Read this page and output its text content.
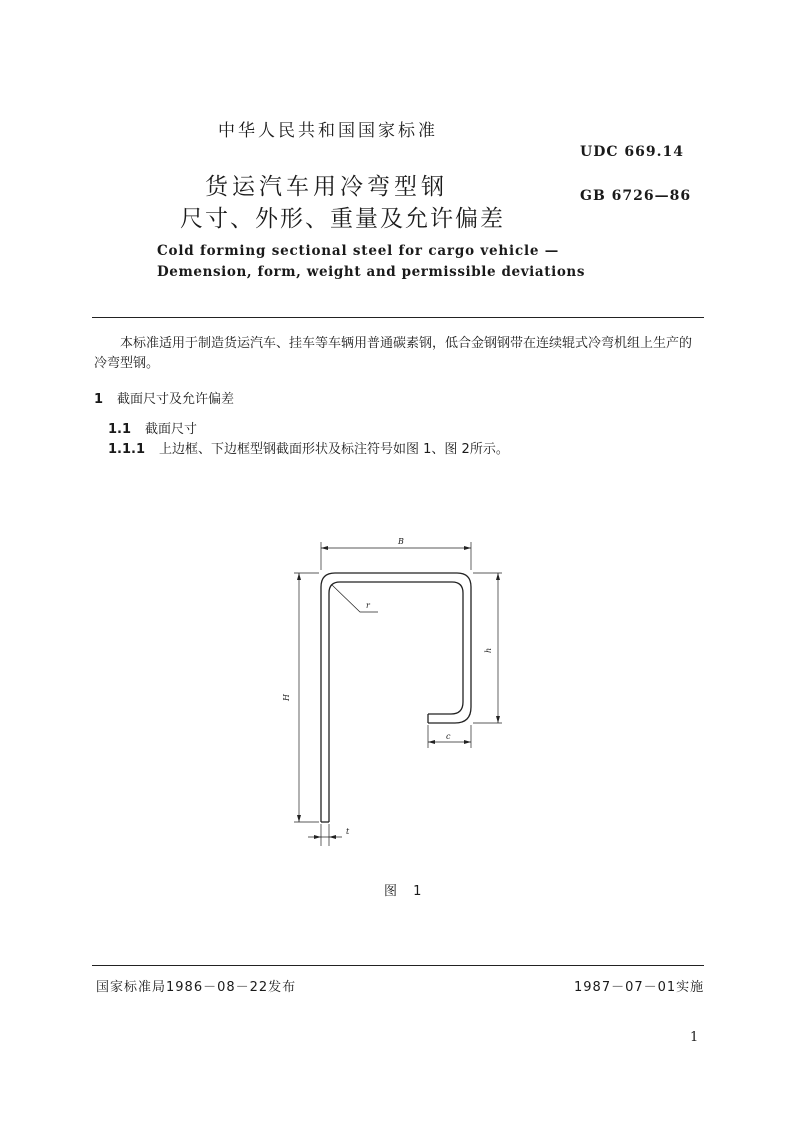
中华人民共和国国家标准
UDC 669.14
货运汽车用冷弯型钢	GB 6726—86
尺寸、外形、重量及允许偏差
Cold forming sectional steel for cargo vehicle —
Demension, form, weight and permissible deviations
本标准适用于制造货运汽车、挂车等车辆用普通碳素钢，低合金钢钢带在连续辊式冷弯机组上生产的冷弯型钢。
1 截面尺寸及允许偏差
1.1 截面尺寸
1.1.1 上边框、下边框型钢截面形状及标注符号如图 1、图 2所示。
B
H
h
r
c
t
图 1
国家标准局1986－08－22发布	1987－07－01实施
1
